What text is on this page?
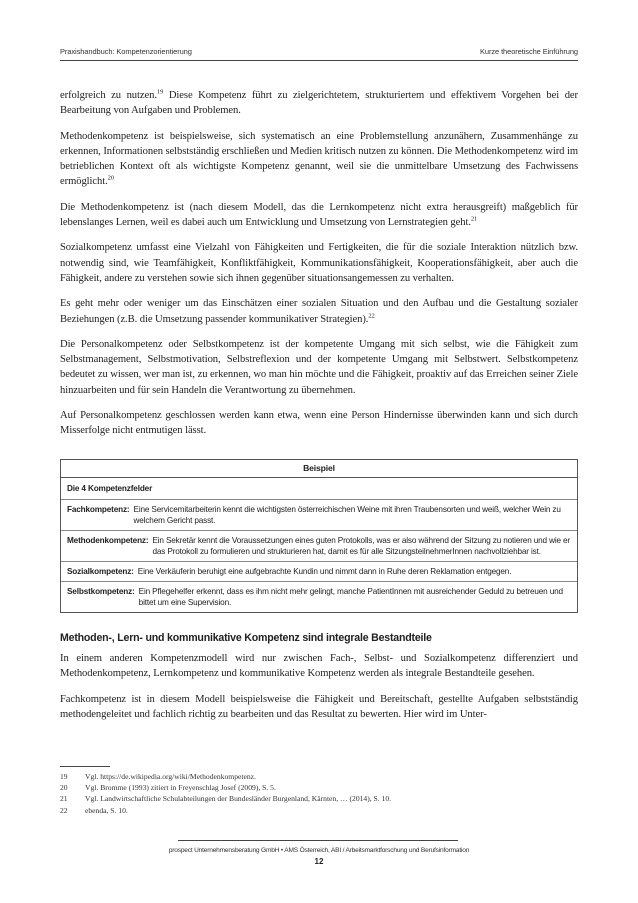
Praxishandbuch: Kompetenzorientierung	Kurze theoretische Einführung

erfolgreich zu nutzen.$^{19}$ Diese Kompetenz führt zu zielgerichtetem, strukturiertem und effektivem Vorgehen bei der Bearbeitung von Aufgaben und Problemen.

Methodenkompetenz ist beispielsweise, sich systematisch an eine Problemstellung anzunähern, Zusammenhänge zu erkennen, Informationen selbstständig erschließen und Medien kritisch nutzen zu können. Die Methodenkompetenz wird im betrieblichen Kontext oft als wichtigste Kompetenz genannt, weil sie die unmittelbare Umsetzung des Fachwissens ermöglicht.$^{20}$

Die Methodenkompetenz ist (nach diesem Modell, das die Lernkompetenz nicht extra herausgreift) maßgeblich für lebenslanges Lernen, weil es dabei auch um Entwicklung und Umsetzung von Lernstrategien geht.$^{21}$

Sozialkompetenz umfasst eine Vielzahl von Fähigkeiten und Fertigkeiten, die für die soziale Interaktion nützlich bzw. notwendig sind, wie Teamfähigkeit, Konfliktfähigkeit, Kommunikationsfähigkeit, Kooperationsfähigkeit, aber auch die Fähigkeit, andere zu verstehen sowie sich ihnen gegenüber situationsangemessen zu verhalten.

Es geht mehr oder weniger um das Einschätzen einer sozialen Situation und den Aufbau und die Gestaltung sozialer Beziehungen (z.B. die Umsetzung passender kommunikativer Strategien).$^{22}$

Die Personalkompetenz oder Selbstkompetenz ist der kompetente Umgang mit sich selbst, wie die Fähigkeit zum Selbstmanagement, Selbstmotivation, Selbstreflexion und der kompetente Umgang mit Selbstwert. Selbstkompetenz bedeutet zu wissen, wer man ist, zu erkennen, wo man hin möchte und die Fähigkeit, proaktiv auf das Erreichen seiner Ziele hinzuarbeiten und für sein Handeln die Verantwortung zu übernehmen.

Auf Personalkompetenz geschlossen werden kann etwa, wenn eine Person Hindernisse überwinden kann und sich durch Misserfolge nicht entmutigen lässt.

Beispiel
Die 4 Kompetenzfelder
Fachkompetenz: Eine Servicemitarbeiterin kennt die wichtigsten österreichischen Weine mit ihren Traubensorten und weiß, welcher Wein zu welchem Gericht passt.
Methodenkompetenz: Ein Sekretär kennt die Voraussetzungen eines guten Protokolls, was er also während der Sitzung zu notieren und wie er das Protokoll zu formulieren und strukturieren hat, damit es für alle SitzungsteilnehmerInnen nachvollziehbar ist.
Sozialkompetenz: Eine Verkäuferin beruhigt eine aufgebrachte Kundin und nimmt dann in Ruhe deren Reklamation entgegen.
Selbstkompetenz: Ein Pflegehelfer erkennt, dass es ihm nicht mehr gelingt, manche PatientInnen mit ausreichender Geduld zu betreuen und bittet um eine Supervision.
Methoden-, Lern- und kommunikative Kompetenz sind integrale Bestandteile

In einem anderen Kompetenzmodell wird nur zwischen Fach-, Selbst- und Sozialkompetenz differenziert und Methodenkompetenz, Lernkompetenz und kommunikative Kompetenz werden als integrale Bestandteile gesehen.

Fachkompetenz ist in diesem Modell beispielsweise die Fähigkeit und Bereitschaft, gestellte Aufgaben selbstständig methodengeleitet und fachlich richtig zu bearbeiten und das Resultat zu bewerten. Hier wird im Unter-

19	Vgl. https://de.wikipedia.org/wiki/Methodenkompetenz.
20	Vgl. Bromme (1993) zitiert in Freyenschlag Josef (2009), S. 5.
21	Vgl. Landwirtschaftliche Schulabteilungen der Bundesländer Burgenland, Kärnten, … (2014), S. 10.
22	ebenda, S. 10.
prospect Unternehmensberatung GmbH • AMS Österreich, ABI / Arbeitsmarktforschung und Berufsinformation
12
